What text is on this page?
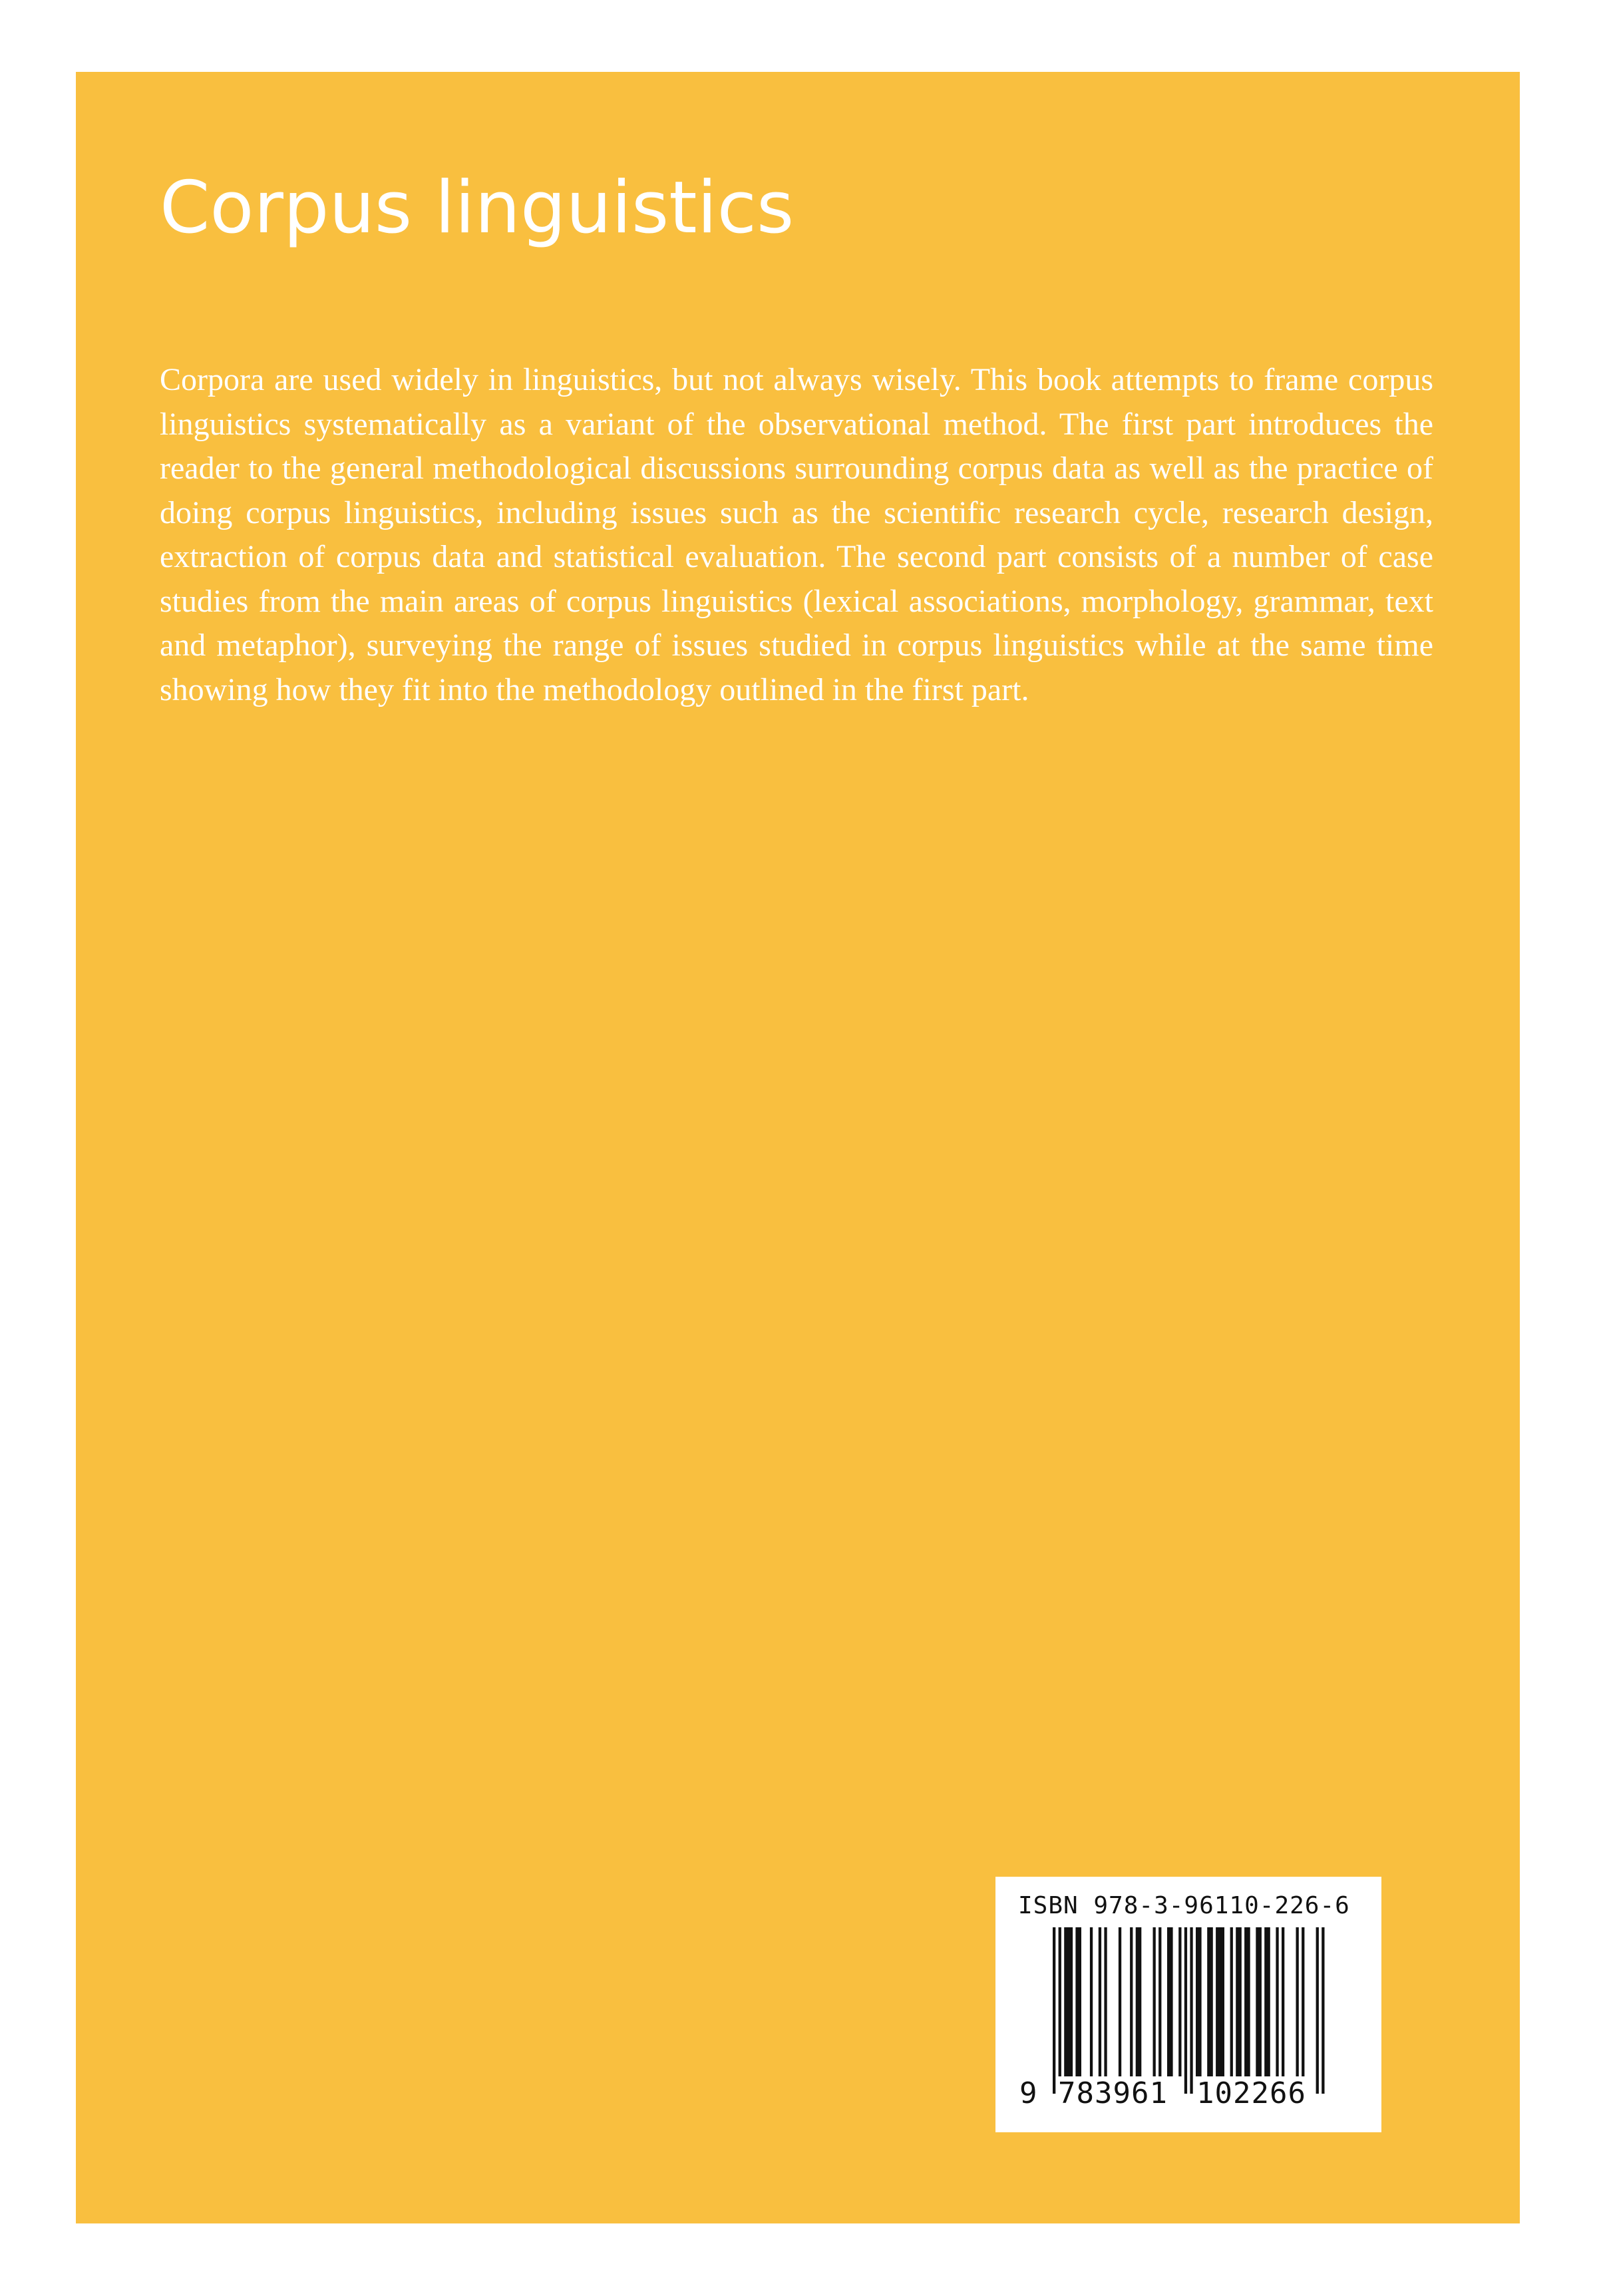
Corpus linguistics

Corpora are used widely in linguistics, but not always wisely. This book attempts to frame corpus linguistics systematically as a variant of the observational method. The first part introduces the reader to the general methodological discussions surrounding corpus data as well as the practice of doing corpus linguistics, including issues such as the scientific research cycle, research design, extraction of corpus data and statistical evaluation. The second part consists of a number of case studies from the main areas of corpus linguistics (lexical associations, morphology, grammar, text and metaphor), surveying the range of issues studied in corpus linguistics while at the same time showing how they fit into the methodology outlined in the first part.

ISBN 978-3-96110-226-6
9 783961 102266
